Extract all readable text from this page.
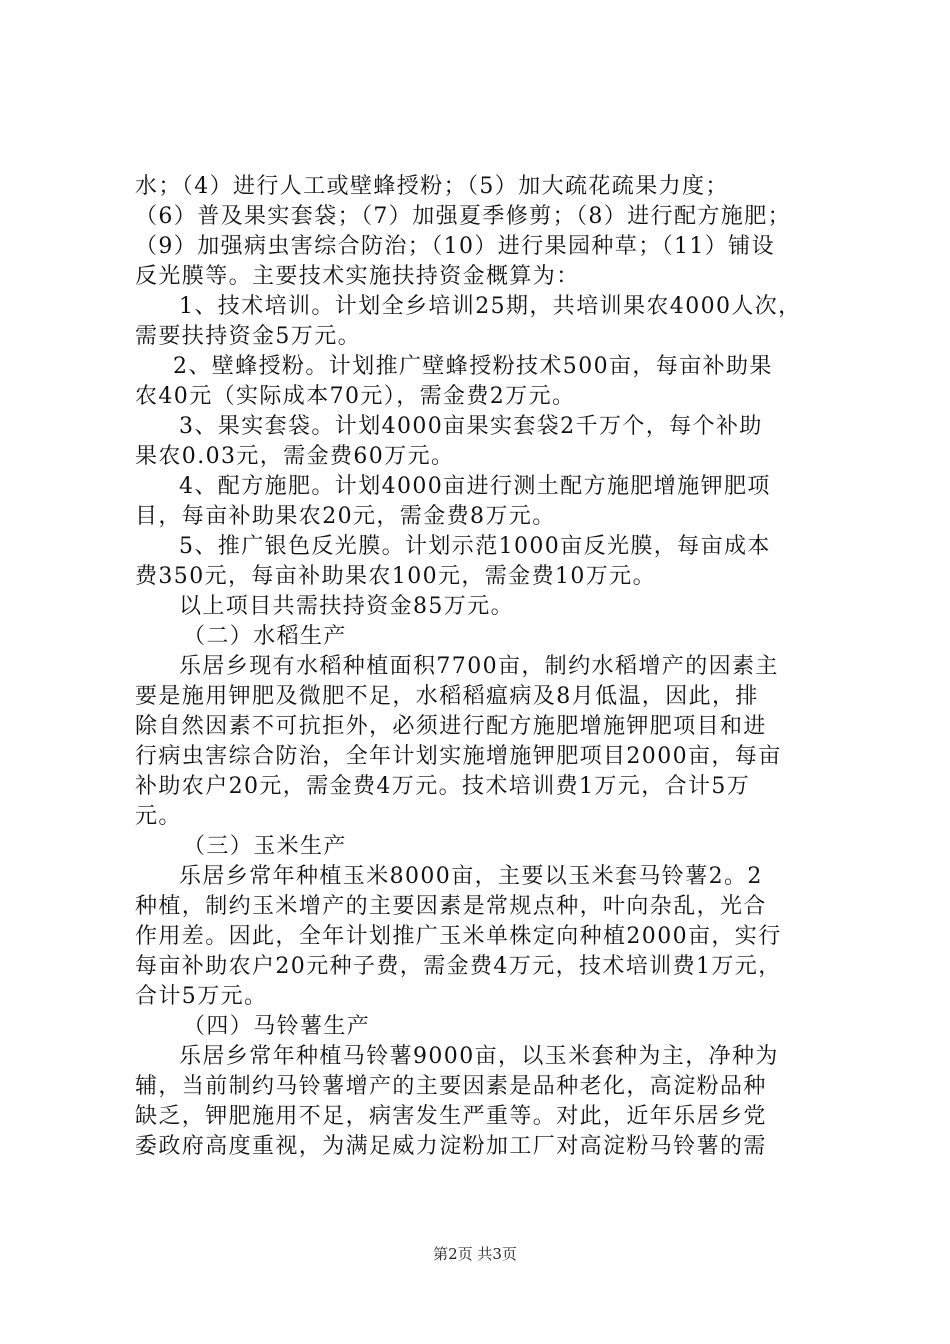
水；（4）进行人工或壁蜂授粉；（5）加大疏花疏果力度；
（6）普及果实套袋；（7）加强夏季修剪；（8）进行配方施肥；
（9）加强病虫害综合防治；（10）进行果园种草；（11）铺设
反光膜等。主要技术实施扶持资金概算为：
1、技术培训。计划全乡培训25期，共培训果农4000人次，
需要扶持资金5万元。
2、壁蜂授粉。计划推广壁蜂授粉技术500亩，每亩补助果
农40元（实际成本70元），需金费2万元。
3、果实套袋。计划4000亩果实套袋2千万个，每个补助
果农0.03元，需金费60万元。
4、配方施肥。计划4000亩进行测土配方施肥增施钾肥项
目，每亩补助果农20元，需金费8万元。
5、推广银色反光膜。计划示范1000亩反光膜，每亩成本
费350元，每亩补助果农100元，需金费10万元。
以上项目共需扶持资金85万元。
（二）水稻生产
乐居乡现有水稻种植面积7700亩，制约水稻增产的因素主
要是施用钾肥及微肥不足，水稻稻瘟病及8月低温，因此，排
除自然因素不可抗拒外，必须进行配方施肥增施钾肥项目和进
行病虫害综合防治，全年计划实施增施钾肥项目2000亩，每亩
补助农户20元，需金费4万元。技术培训费1万元，合计5万
元。
（三）玉米生产
乐居乡常年种植玉米8000亩，主要以玉米套马铃薯2。2
种植，制约玉米增产的主要因素是常规点种，叶向杂乱，光合
作用差。因此，全年计划推广玉米单株定向种植2000亩，实行
每亩补助农户20元种子费，需金费4万元，技术培训费1万元，
合计5万元。
（四）马铃薯生产
乐居乡常年种植马铃薯9000亩，以玉米套种为主，净种为
辅，当前制约马铃薯增产的主要因素是品种老化，高淀粉品种
缺乏，钾肥施用不足，病害发生严重等。对此，近年乐居乡党
委政府高度重视，为满足威力淀粉加工厂对高淀粉马铃薯的需
第2页 共3页
